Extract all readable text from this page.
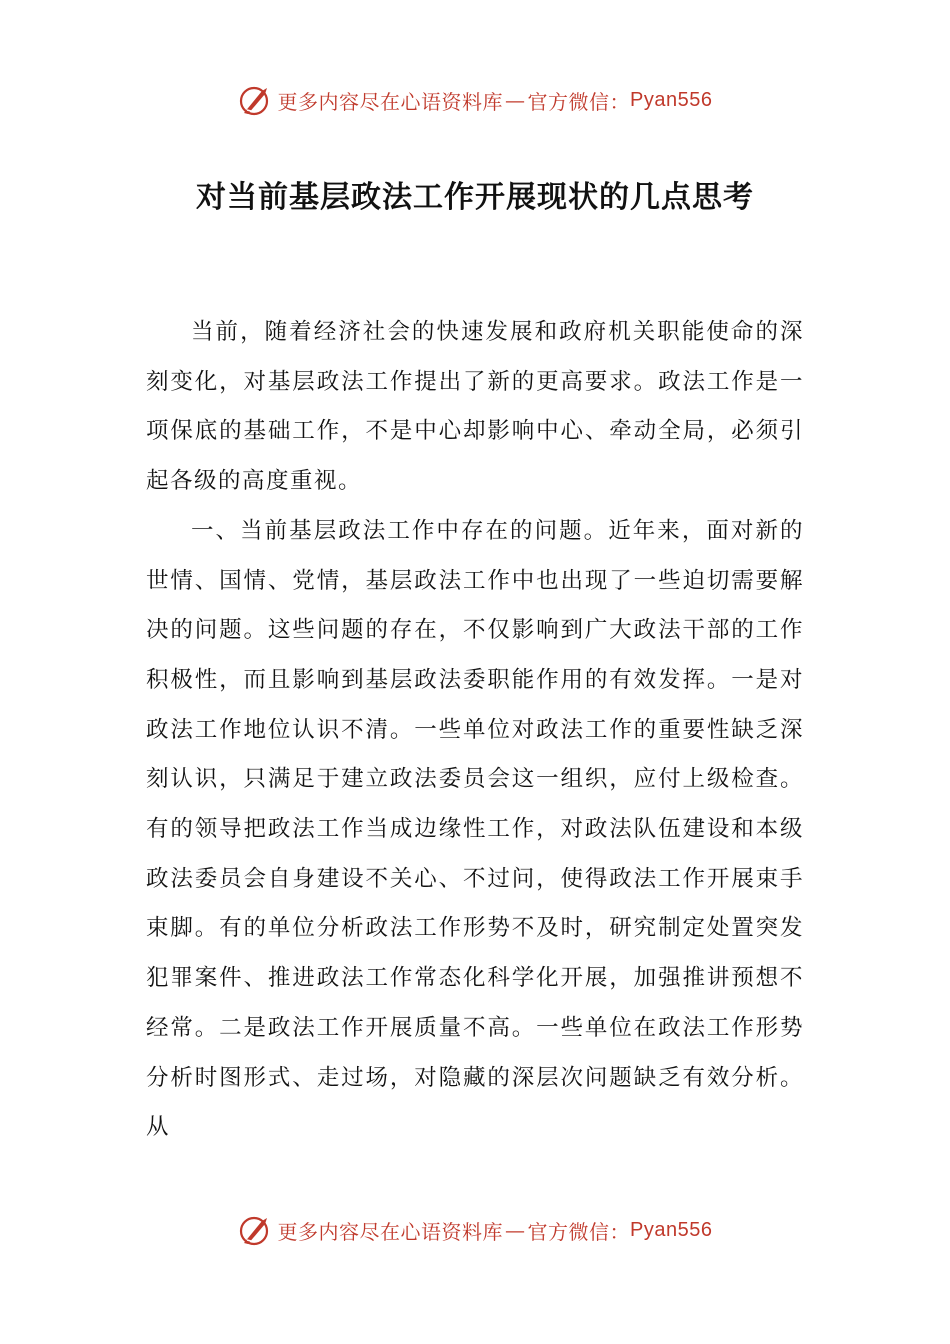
更多内容尽在心语资料库 — 官方微信： Pyan556
对当前基层政法工作开展现状的几点思考

当前，随着经济社会的快速发展和政府机关职能使命的深刻变化，对基层政法工作提出了新的更高要求。政法工作是一项保底的基础工作，不是中心却影响中心、牵动全局，必须引起各级的高度重视。

一、当前基层政法工作中存在的问题。近年来，面对新的世情、国情、党情，基层政法工作中也出现了一些迫切需要解决的问题。这些问题的存在，不仅影响到广大政法干部的工作积极性，而且影响到基层政法委职能作用的有效发挥。一是对政法工作地位认识不清。一些单位对政法工作的重要性缺乏深刻认识，只满足于建立政法委员会这一组织，应付上级检查。有的领导把政法工作当成边缘性工作，对政法队伍建设和本级政法委员会自身建设不关心、不过问，使得政法工作开展束手束脚。有的单位分析政法工作形势不及时，研究制定处置突发犯罪案件、推进政法工作常态化科学化开展，加强推讲预想不经常。二是政法工作开展质量不高。一些单位在政法工作形势分析时图形式、走过场，对隐藏的深层次问题缺乏有效分析。从

更多内容尽在心语资料库 — 官方微信： Pyan556
